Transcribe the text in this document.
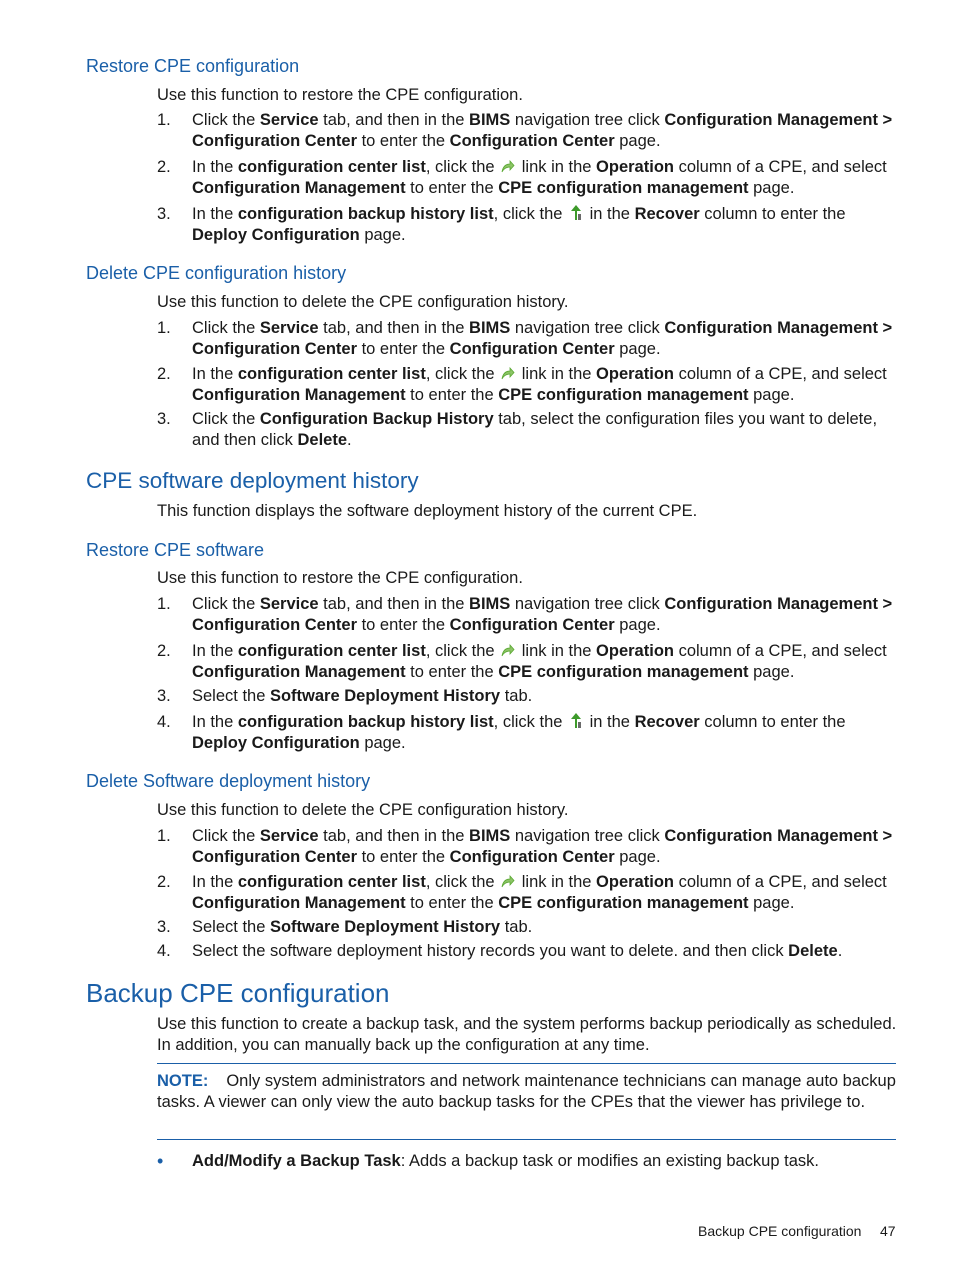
Restore CPE configuration

Use this function to restore the CPE configuration.

1.	Click the Service tab, and then in the BIMS navigation tree click Configuration Management > Configuration Center to enter the Configuration Center page.
2.	In the configuration center list, click the  link in the Operation column of a CPE, and select Configuration Management to enter the CPE configuration management page.
3.	In the configuration backup history list, click the  in the Recover column to enter the Deploy Configuration page.
Delete CPE configuration history

Use this function to delete the CPE configuration history.

1.	Click the Service tab, and then in the BIMS navigation tree click Configuration Management > Configuration Center to enter the Configuration Center page.
2.	In the configuration center list, click the  link in the Operation column of a CPE, and select Configuration Management to enter the CPE configuration management page.
3.	Click the Configuration Backup History tab, select the configuration files you want to delete, and then click Delete.
CPE software deployment history

This function displays the software deployment history of the current CPE.

Restore CPE software

Use this function to restore the CPE configuration.

1.	Click the Service tab, and then in the BIMS navigation tree click Configuration Management > Configuration Center to enter the Configuration Center page.
2.	In the configuration center list, click the  link in the Operation column of a CPE, and select Configuration Management to enter the CPE configuration management page.
3.	Select the Software Deployment History tab.
4.	In the configuration backup history list, click the  in the Recover column to enter the Deploy Configuration page.
Delete Software deployment history

Use this function to delete the CPE configuration history.

1.	Click the Service tab, and then in the BIMS navigation tree click Configuration Management > Configuration Center to enter the Configuration Center page.
2.	In the configuration center list, click the  link in the Operation column of a CPE, and select Configuration Management to enter the CPE configuration management page.
3.	Select the Software Deployment History tab.
4.	Select the software deployment history records you want to delete. and then click Delete.
Backup CPE configuration

Use this function to create a backup task, and the system performs backup periodically as scheduled. In addition, you can manually back up the configuration at any time.

NOTE: Only system administrators and network maintenance technicians can manage auto backup tasks. A viewer can only view the auto backup tasks for the CPEs that the viewer has privilege to.
• Add/Modify a Backup Task: Adds a backup task or modifies an existing backup task.
Backup CPE configuration 47
